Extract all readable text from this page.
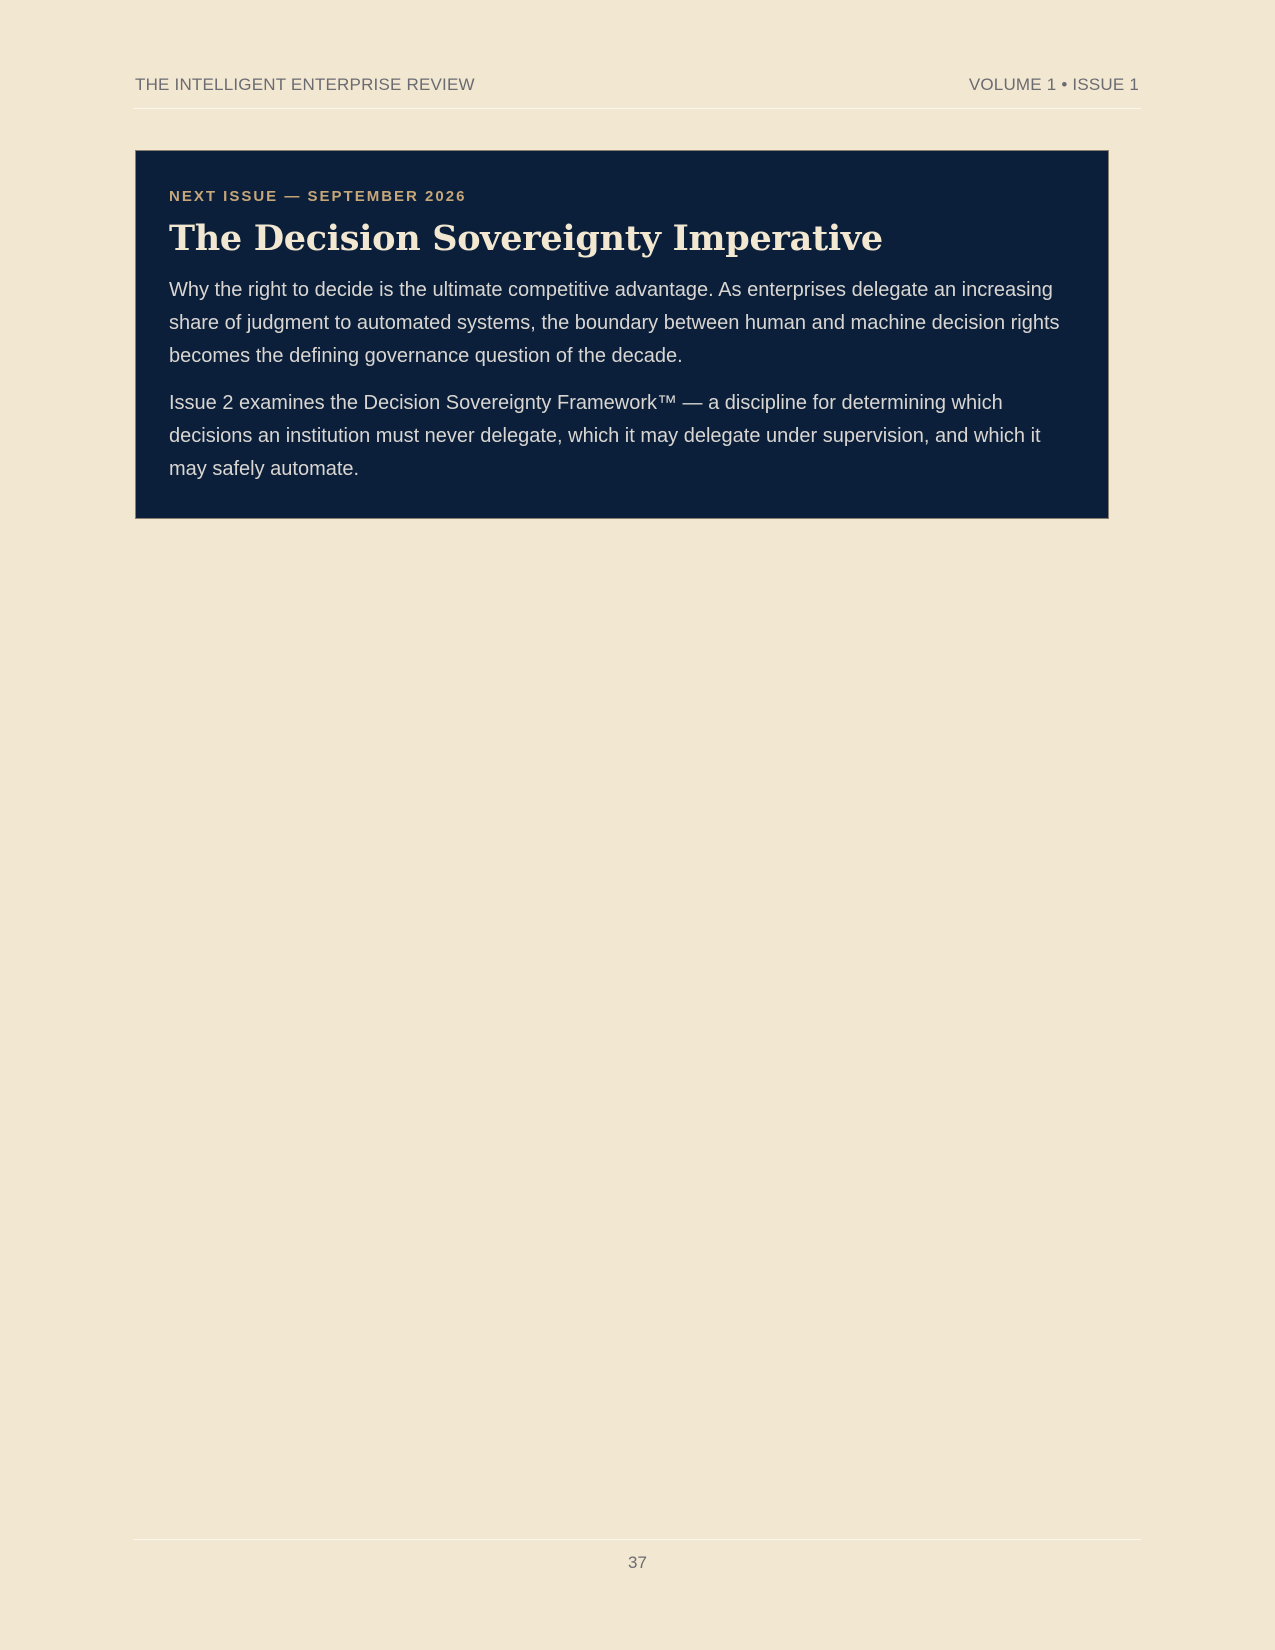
THE INTELLIGENT ENTERPRISE REVIEW	VOLUME 1 • ISSUE 1

NEXT ISSUE — SEPTEMBER 2026

The Decision Sovereignty Imperative

Why the right to decide is the ultimate competitive advantage. As enterprises delegate an increasing share of judgment to automated systems, the boundary between human and machine decision rights becomes the defining governance question of the decade.

Issue 2 examines the Decision Sovereignty Framework™ — a discipline for determining which decisions an institution must never delegate, which it may delegate under supervision, and which it may safely automate.

37
